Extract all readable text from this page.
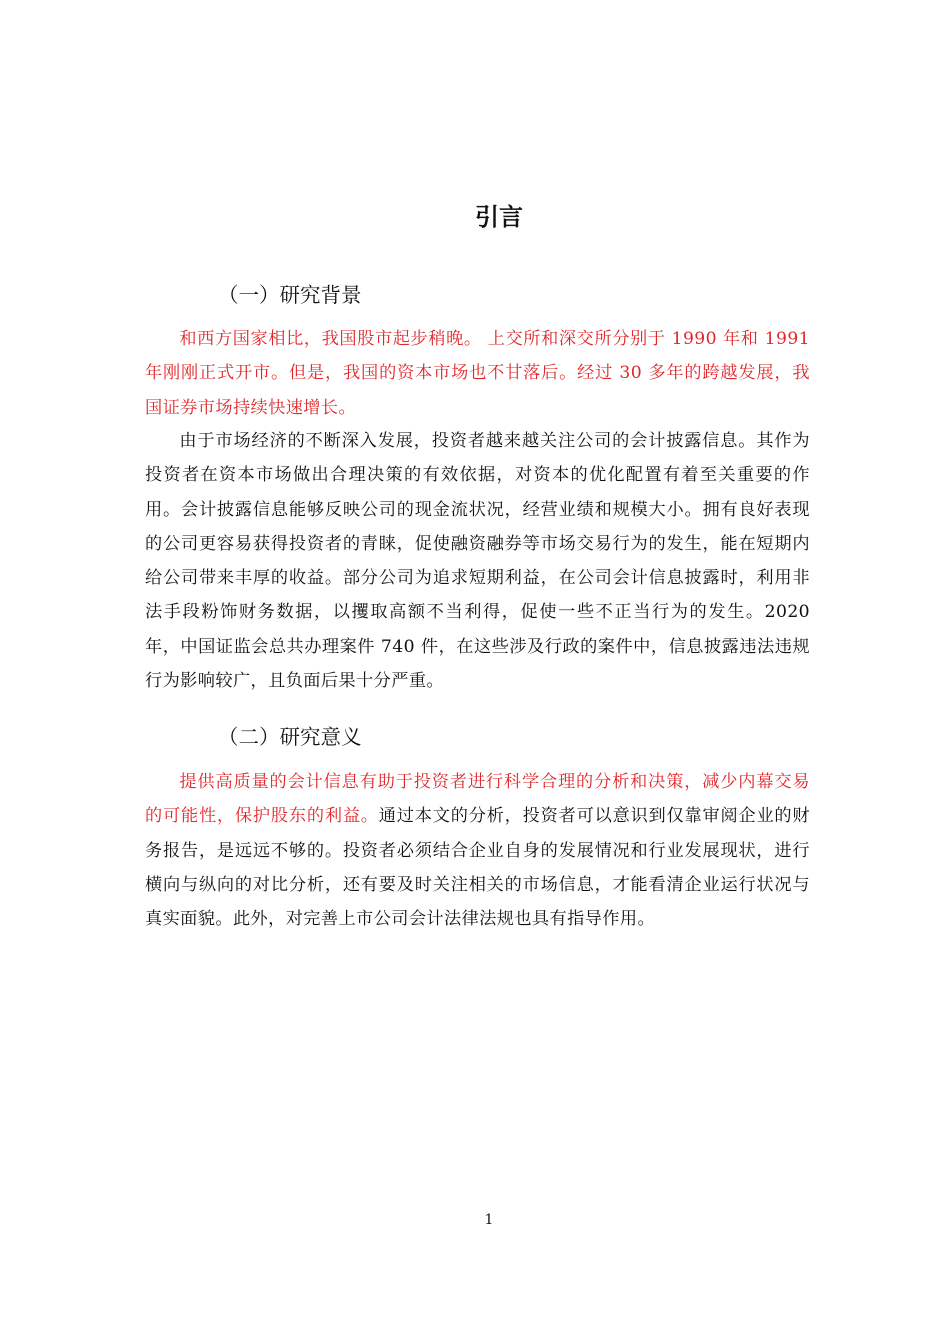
引言
（一）研究背景

和西方国家相比，我国股市起步稍晚。 上交所和深交所分别于 1990 年和 1991 年刚刚正式开市。但是，我国的资本市场也不甘落后。经过 30 多年的跨越发展，我国证券市场持续快速增长。

由于市场经济的不断深入发展，投资者越来越关注公司的会计披露信息。其作为投资者在资本市场做出合理决策的有效依据，对资本的优化配置有着至关重要的作用。会计披露信息能够反映公司的现金流状况，经营业绩和规模大小。拥有良好表现的公司更容易获得投资者的青睐，促使融资融券等市场交易行为的发生，能在短期内给公司带来丰厚的收益。部分公司为追求短期利益，在公司会计信息披露时，利用非法手段粉饰财务数据，以攫取高额不当利得，促使一些不正当行为的发生。2020 年，中国证监会总共办理案件 740 件，在这些涉及行政的案件中，信息披露违法违规行为影响较广，且负面后果十分严重。

（二）研究意义

提供高质量的会计信息有助于投资者进行科学合理的分析和决策，减少内幕交易的可能性，保护股东的利益。通过本文的分析，投资者可以意识到仅靠审阅企业的财务报告，是远远不够的。投资者必须结合企业自身的发展情况和行业发展现状，进行横向与纵向的对比分析，还有要及时关注相关的市场信息，才能看清企业运行状况与真实面貌。此外，对完善上市公司会计法律法规也具有指导作用。

1
